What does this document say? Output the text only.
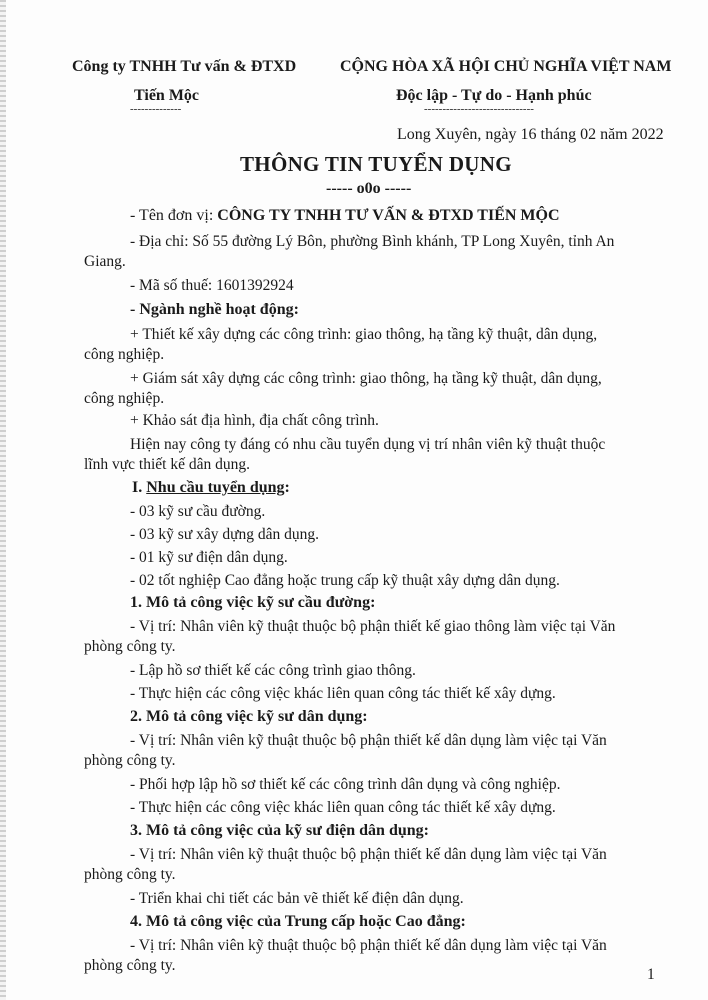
Công ty TNHH Tư vấn & ĐTXD
Tiến Mộc
--------------
CỘNG HÒA XÃ HỘI CHỦ NGHĨA VIỆT NAM
Độc lập - Tự do - Hạnh phúc
------------------------------
Long Xuyên, ngày 16 tháng 02 năm 2022
THÔNG TIN TUYỂN DỤNG
----- o0o -----
- Tên đơn vị: CÔNG TY TNHH TƯ VẤN & ĐTXD TIẾN MỘC
- Địa chỉ: Số 55 đường Lý Bôn, phường Bình khánh, TP Long Xuyên, tỉnh An
Giang.
- Mã số thuế: 1601392924
- Ngành nghề hoạt động:
+ Thiết kế xây dựng các công trình: giao thông, hạ tầng kỹ thuật, dân dụng,
công nghiệp.
+ Giám sát xây dựng các công trình: giao thông, hạ tầng kỹ thuật, dân dụng,
công nghiệp.
+ Khảo sát địa hình, địa chất công trình.
Hiện nay công ty đáng có nhu cầu tuyển dụng vị trí nhân viên kỹ thuật thuộc
lĩnh vực thiết kế dân dụng.
I. Nhu cầu tuyển dụng:
- 03 kỹ sư cầu đường.
- 03 kỹ sư xây dựng dân dụng.
- 01 kỹ sư điện dân dụng.
- 02 tốt nghiệp Cao đẳng hoặc trung cấp kỹ thuật xây dựng dân dụng.
1. Mô tả công việc kỹ sư cầu đường:
- Vị trí: Nhân viên kỹ thuật thuộc bộ phận thiết kế giao thông làm việc tại Văn
phòng công ty.
- Lập hồ sơ thiết kế các công trình giao thông.
- Thực hiện các công việc khác liên quan công tác thiết kế xây dựng.
2. Mô tả công việc kỹ sư dân dụng:
- Vị trí: Nhân viên kỹ thuật thuộc bộ phận thiết kế dân dụng làm việc tại Văn
phòng công ty.
- Phối hợp lập hồ sơ thiết kế các công trình dân dụng và công nghiệp.
- Thực hiện các công việc khác liên quan công tác thiết kế xây dựng.
3. Mô tả công việc của kỹ sư điện dân dụng:
- Vị trí: Nhân viên kỹ thuật thuộc bộ phận thiết kế dân dụng làm việc tại Văn
phòng công ty.
- Triển khai chi tiết các bản vẽ thiết kế điện dân dụng.
4. Mô tả công việc của Trung cấp hoặc Cao đẳng:
- Vị trí: Nhân viên kỹ thuật thuộc bộ phận thiết kế dân dụng làm việc tại Văn
phòng công ty.
1
